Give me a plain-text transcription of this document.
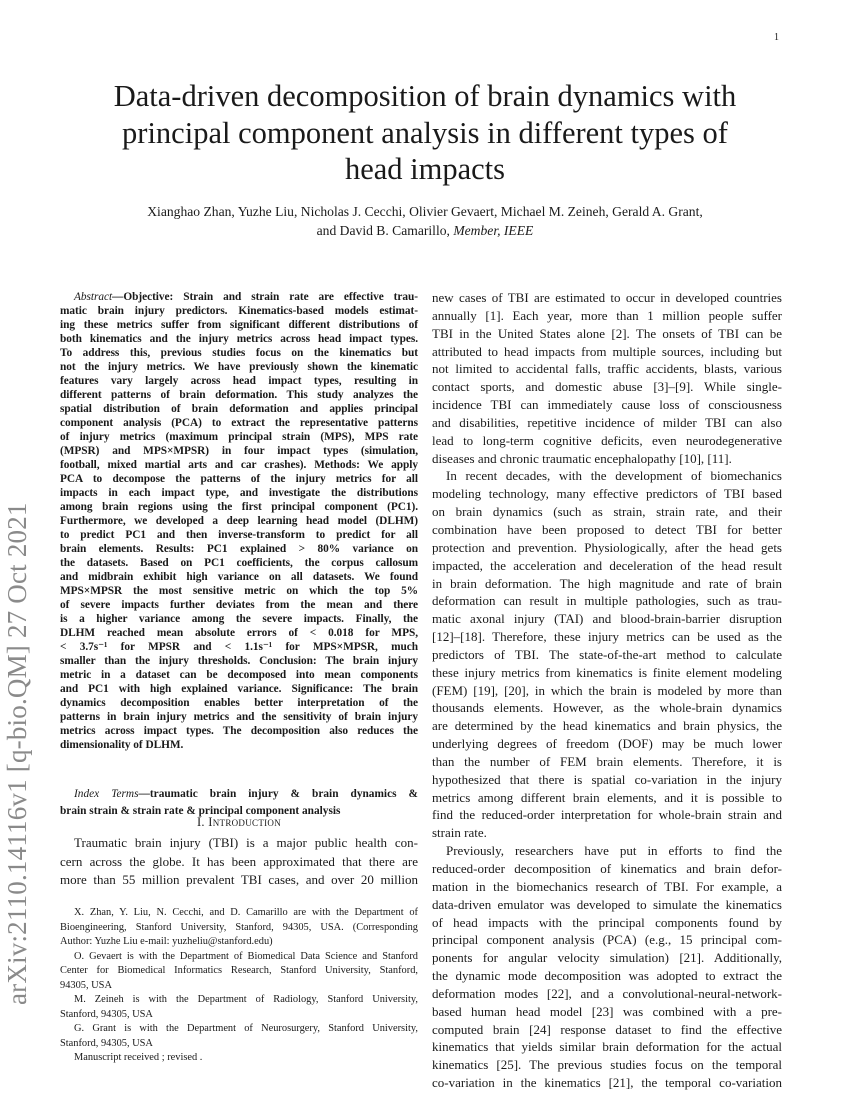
1
arXiv:2110.14116v1 [q-bio.QM] 27 Oct 2021
Data-driven decomposition of brain dynamics with
principal component analysis in different types of
head impacts
Xianghao Zhan, Yuzhe Liu, Nicholas J. Cecchi, Olivier Gevaert, Michael M. Zeineh, Gerald A. Grant,
and David B. Camarillo, Member, IEEE
Abstract—Objective: Strain and strain rate are effective trau-
matic brain injury predictors. Kinematics-based models estimat-
ing these metrics suffer from significant different distributions of
both kinematics and the injury metrics across head impact types.
To address this, previous studies focus on the kinematics but
not the injury metrics. We have previously shown the kinematic
features vary largely across head impact types, resulting in
different patterns of brain deformation. This study analyzes the
spatial distribution of brain deformation and applies principal
component analysis (PCA) to extract the representative patterns
of injury metrics (maximum principal strain (MPS), MPS rate
(MPSR) and MPS×MPSR) in four impact types (simulation,
football, mixed martial arts and car crashes). Methods: We apply
PCA to decompose the patterns of the injury metrics for all
impacts in each impact type, and investigate the distributions
among brain regions using the first principal component (PC1).
Furthermore, we developed a deep learning head model (DLHM)
to predict PC1 and then inverse-transform to predict for all
brain elements. Results: PC1 explained > 80% variance on
the datasets. Based on PC1 coefficients, the corpus callosum
and midbrain exhibit high variance on all datasets. We found
MPS×MPSR the most sensitive metric on which the top 5%
of severe impacts further deviates from the mean and there
is a higher variance among the severe impacts. Finally, the
DLHM reached mean absolute errors of < 0.018 for MPS,
< 3.7s⁻¹ for MPSR and < 1.1s⁻¹ for MPS×MPSR, much
smaller than the injury thresholds. Conclusion: The brain injury
metric in a dataset can be decomposed into mean components
and PC1 with high explained variance. Significance: The brain
dynamics decomposition enables better interpretation of the
patterns in brain injury metrics and the sensitivity of brain injury
metrics across impact types. The decomposition also reduces the
dimensionality of DLHM.
Index Terms—traumatic brain injury & brain dynamics &
brain strain & strain rate & principal component analysis
I. Introduction
Traumatic brain injury (TBI) is a major public health con-
cern across the globe. It has been approximated that there are
more than 55 million prevalent TBI cases, and over 20 million
X. Zhan, Y. Liu, N. Cecchi, and D. Camarillo are with the Department of
Bioengineering, Stanford University, Stanford, 94305, USA. (Corresponding
Author: Yuzhe Liu e-mail: yuzheliu@stanford.edu)
O. Gevaert is with the Department of Biomedical Data Science and Stanford
Center for Biomedical Informatics Research, Stanford University, Stanford,
94305, USA
M. Zeineh is with the Department of Radiology, Stanford University,
Stanford, 94305, USA
G. Grant is with the Department of Neurosurgery, Stanford University,
Stanford, 94305, USA
Manuscript received ; revised .
new cases of TBI are estimated to occur in developed countries
annually [1]. Each year, more than 1 million people suffer
TBI in the United States alone [2]. The onsets of TBI can be
attributed to head impacts from multiple sources, including but
not limited to accidental falls, traffic accidents, blasts, various
contact sports, and domestic abuse [3]–[9]. While single-
incidence TBI can immediately cause loss of consciousness
and disabilities, repetitive incidence of milder TBI can also
lead to long-term cognitive deficits, even neurodegenerative
diseases and chronic traumatic encephalopathy [10], [11].
In recent decades, with the development of biomechanics
modeling technology, many effective predictors of TBI based
on brain dynamics (such as strain, strain rate, and their
combination have been proposed to detect TBI for better
protection and prevention. Physiologically, after the head gets
impacted, the acceleration and deceleration of the head result
in brain deformation. The high magnitude and rate of brain
deformation can result in multiple pathologies, such as trau-
matic axonal injury (TAI) and blood-brain-barrier disruption
[12]–[18]. Therefore, these injury metrics can be used as the
predictors of TBI. The state-of-the-art method to calculate
these injury metrics from kinematics is finite element modeling
(FEM) [19], [20], in which the brain is modeled by more than
thousands elements. However, as the whole-brain dynamics
are determined by the head kinematics and brain physics, the
underlying degrees of freedom (DOF) may be much lower
than the number of FEM brain elements. Therefore, it is
hypothesized that there is spatial co-variation in the injury
metrics among different brain elements, and it is possible to
find the reduced-order interpretation for whole-brain strain and
strain rate.
Previously, researchers have put in efforts to find the
reduced-order decomposition of kinematics and brain defor-
mation in the biomechanics research of TBI. For example, a
data-driven emulator was developed to simulate the kinematics
of head impacts with the principal components found by
principal component analysis (PCA) (e.g., 15 principal com-
ponents for angular velocity simulation) [21]. Additionally,
the dynamic mode decomposition was adopted to extract the
deformation modes [22], and a convolutional-neural-network-
based human head model [23] was combined with a pre-
computed brain [24] response dataset to find the effective
kinematics that yields similar brain deformation for the actual
kinematics [25]. The previous studies focus on the temporal
co-variation in the kinematics [21], the temporal co-variation
